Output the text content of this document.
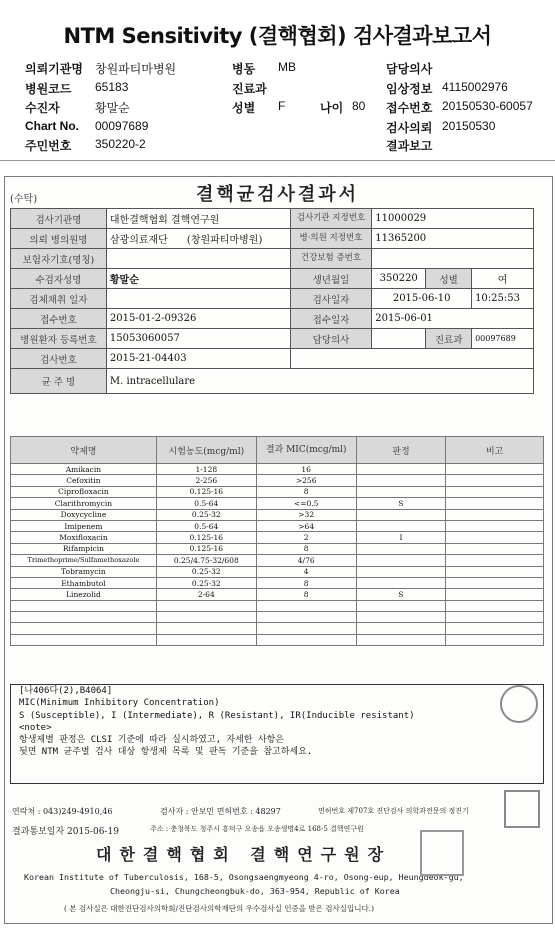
NTM Sensitivity (결핵협회) 검사결과보고서
의뢰기관명 창원파티마병원	병동 MB	담당의사
병원코드 65183	진료과	임상정보 4115002976
수진자	황말순	성별 F	나이 80 접수번호 20150530-60057
Chart No. 00097689	검사의뢰 20150530
주민번호 350220-2	결과보고
(수탁)	결핵균검사결과서
검사기관명	대한결핵협회 결핵연구원	검사기관 지정번호	11000029		
의뢰 병의원명	삼광의료재단 (창원파티마병원)	병·의원 지정번호	11365200		
보험자기호(명칭)		건강보험 증번호			
수검자성명	황말순	생년월일	350220	성별	여
검체채취 일자		검사일자	2015-06-10		10:25:53
접수번호	2015-01-2-09326	접수일자	2015-06-01		
병원환자 등록번호	15053060057	담당의사		진료과	00097689
검사번호	2015-21-04403				
균 주 명	M. intracellulare				
약제명	시험농도(mcg/ml)	결과 MIC(mcg/ml)	판정	비고
Amikacin	1-128	16		
Cefoxitin	2-256	>256		
Ciprofloxacin	0.125-16	8		
Clarithromycin	0.5-64	<=0.5	S	
Doxycycline	0.25-32	>32		
Imipenem	0.5-64	>64		
Moxifloxacin	0.125-16	2	I	
Rifampicin	0.125-16	8		
Trimethoprime/Sulfamethoxazole	0.25/4.75-32/608	4/76		
Tobramycin	0.25-32	4		
Ethambutol	0.25-32	8		
Linezolid	2-64	8	S	

[나406다(2),B4064]
MIC(Minimum Inhibitory Concentration)
S (Susceptible), I (Intermediate), R (Resistant), IR(Inducible resistant)
<note>
항생제별 판정은 CLSI 기준에 따라 실시하였고, 자세한 사항은
뒷면 NTM 균주별 검사 대상 항생제 목록 및 판독 기준을 참고하세요.
연락처 : 043)249-4910,46	검사자 : 안보민 면허번호 : 48297	면허번호 제707호 진단검사 의학과전문의 정진기
결과통보일자 2015-06-19	주소 : 충청북도 청주시 흥덕구 오송읍 오송생명4로 168-5 결핵연구원
대한결핵협회 결핵연구원장
Korean Institute of Tuberculosis, 168-5, Osongsaengmyeong 4-ro, Osong-eup, Heungdeok-gu,
Cheongju-si, Chungcheongbuk-do, 363-954, Republic of Korea
( 본 검사실은 대한진단검사의학회/진단검사의학재단의 우수검사실 인증을 받은 검사실입니다.)
